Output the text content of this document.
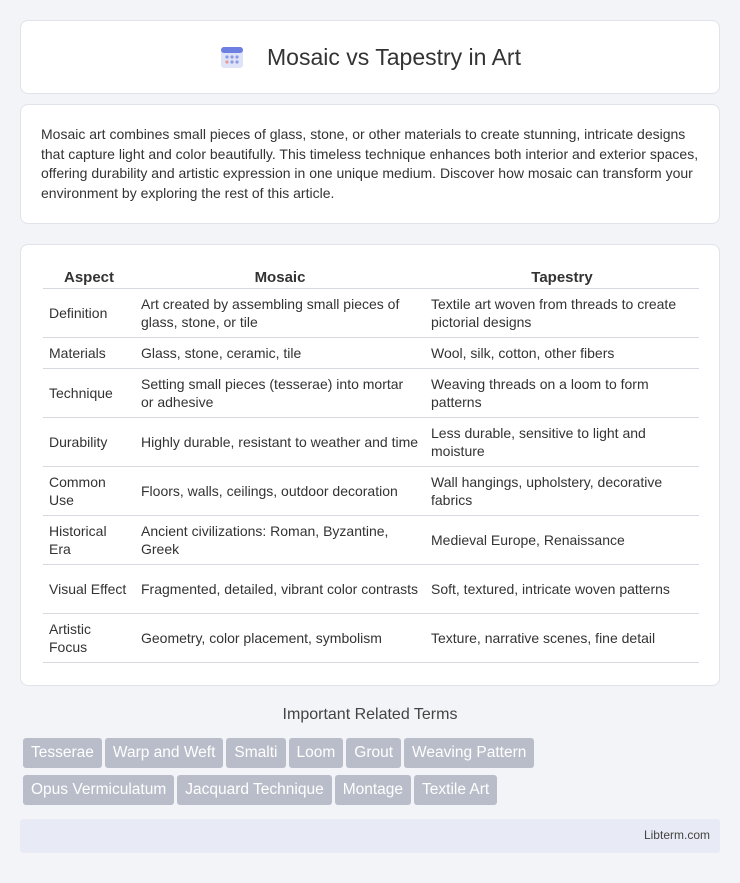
Mosaic vs Tapestry in Art

Mosaic art combines small pieces of glass, stone, or other materials to create stunning, intricate designs that capture light and color beautifully. This timeless technique enhances both interior and exterior spaces, offering durability and artistic expression in one unique medium. Discover how mosaic can transform your environment by exploring the rest of this article.

Aspect	Mosaic	Tapestry
Definition	Art created by assembling small pieces of glass, stone, or tile	Textile art woven from threads to create pictorial designs
Materials	Glass, stone, ceramic, tile	Wool, silk, cotton, other fibers
Technique	Setting small pieces (tesserae) into mortar or adhesive	Weaving threads on a loom to form patterns
Durability	Highly durable, resistant to weather and time	Less durable, sensitive to light and moisture
Common Use	Floors, walls, ceilings, outdoor decoration	Wall hangings, upholstery, decorative fabrics
Historical Era	Ancient civilizations: Roman, Byzantine, Greek	Medieval Europe, Renaissance
Visual Effect	Fragmented, detailed, vibrant color contrasts	Soft, textured, intricate woven patterns
Artistic Focus	Geometry, color placement, symbolism	Texture, narrative scenes, fine detail
Important Related Terms
Tesserae Warp and Weft Smalti Loom Grout Weaving Pattern
Opus Vermiculatum Jacquard Technique Montage Textile Art
Libterm.com
